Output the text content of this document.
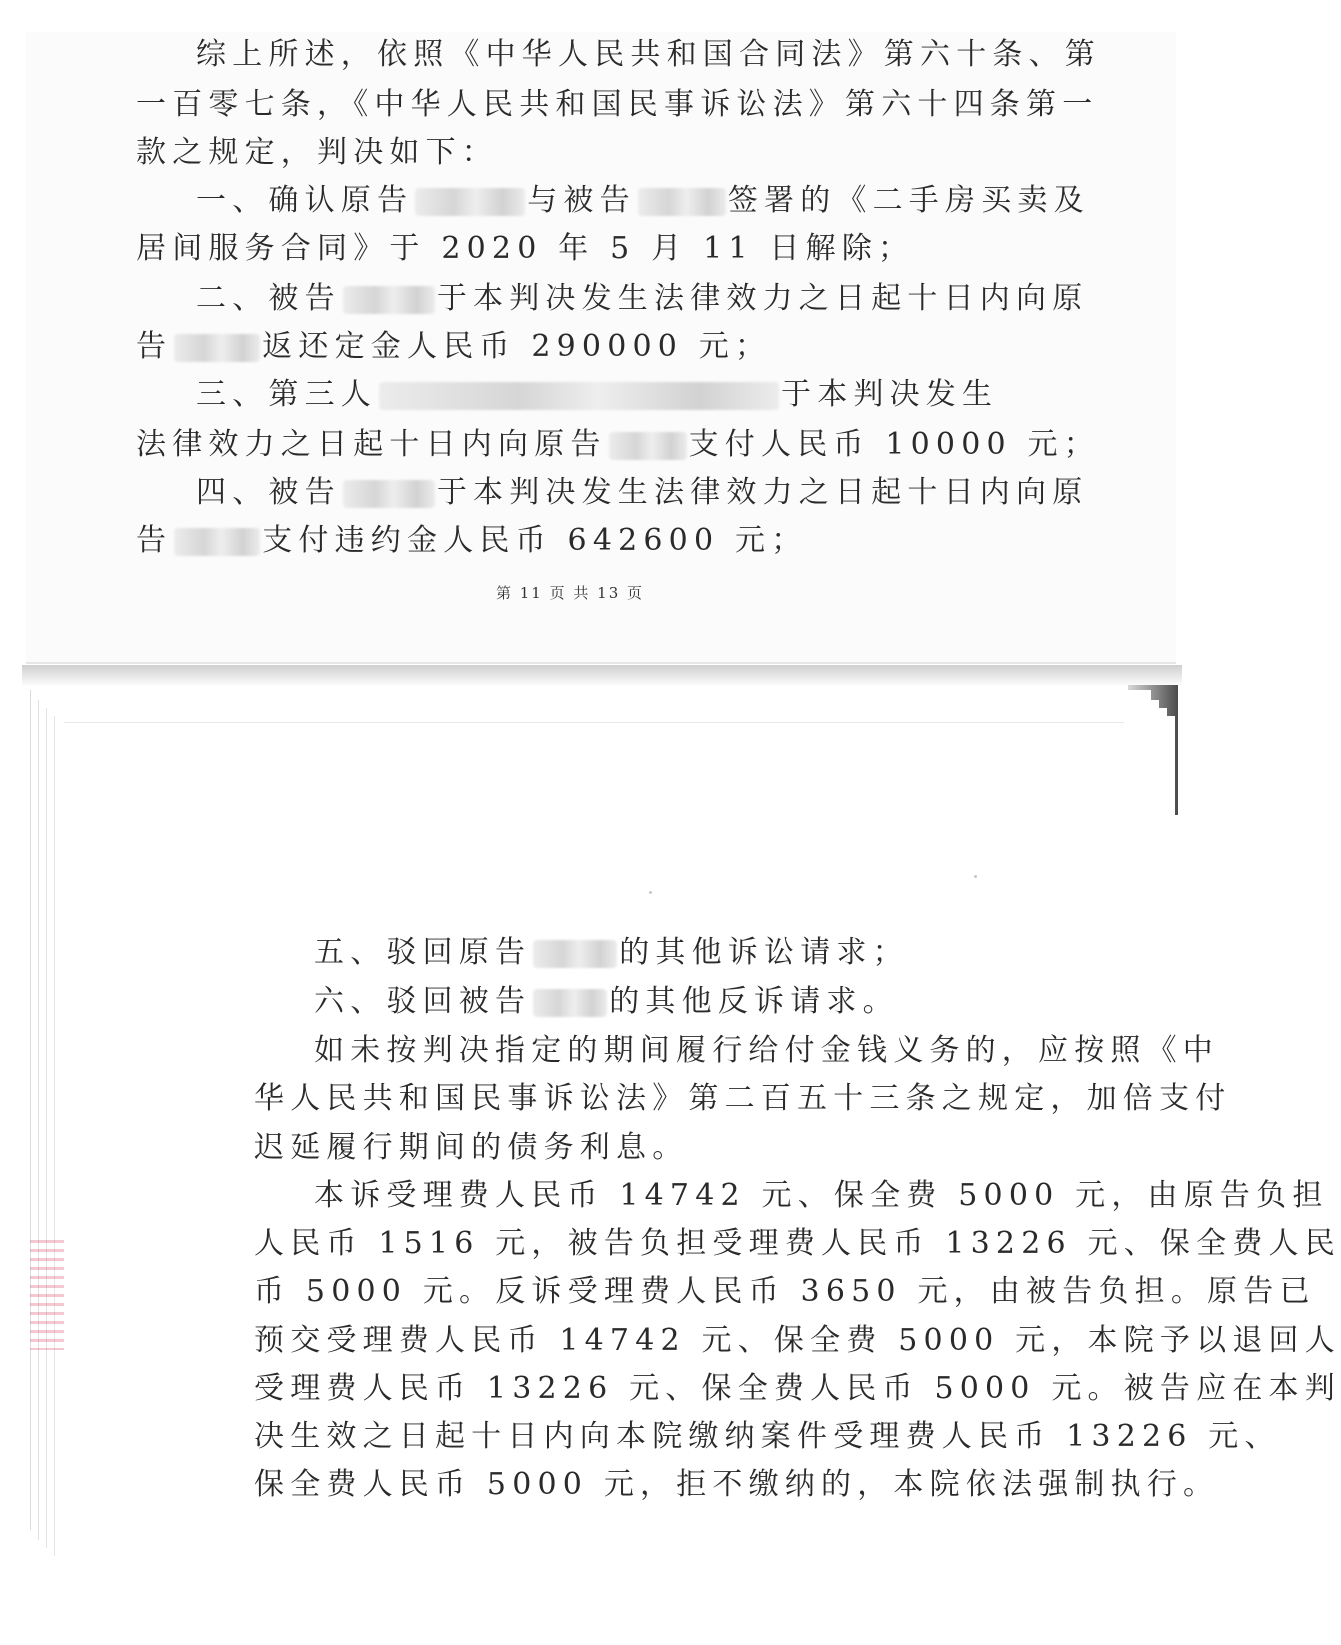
综上所述，依照《中华人民共和国合同法》第六十条、第
一百零七条，《中华人民共和国民事诉讼法》第六十四条第一
款之规定，判决如下：
一、确认原告	与被告	签署的《二手房买卖及
居间服务合同》于 2020 年 5 月 11 日解除；
二、被告	于本判决发生法律效力之日起十日内向原
告	返还定金人民币 290000 元；
三、第三人	于本判决发生
法律效力之日起十日内向原告	支付人民币 10000 元；
四、被告	于本判决发生法律效力之日起十日内向原
告	支付违约金人民币 642600 元；
第 11 页 共 13 页
五、驳回原告	的其他诉讼请求；
六、驳回被告	的其他反诉请求。
如未按判决指定的期间履行给付金钱义务的，应按照《中
华人民共和国民事诉讼法》第二百五十三条之规定，加倍支付
迟延履行期间的债务利息。
本诉受理费人民币 14742 元、保全费 5000 元，由原告负担
人民币 1516 元，被告负担受理费人民币 13226 元、保全费人民
币 5000 元。反诉受理费人民币 3650 元，由被告负担。原告已
预交受理费人民币 14742 元、保全费 5000 元，本院予以退回人
受理费人民币 13226 元、保全费人民币 5000 元。被告应在本判
决生效之日起十日内向本院缴纳案件受理费人民币 13226 元、
保全费人民币 5000 元，拒不缴纳的，本院依法强制执行。
